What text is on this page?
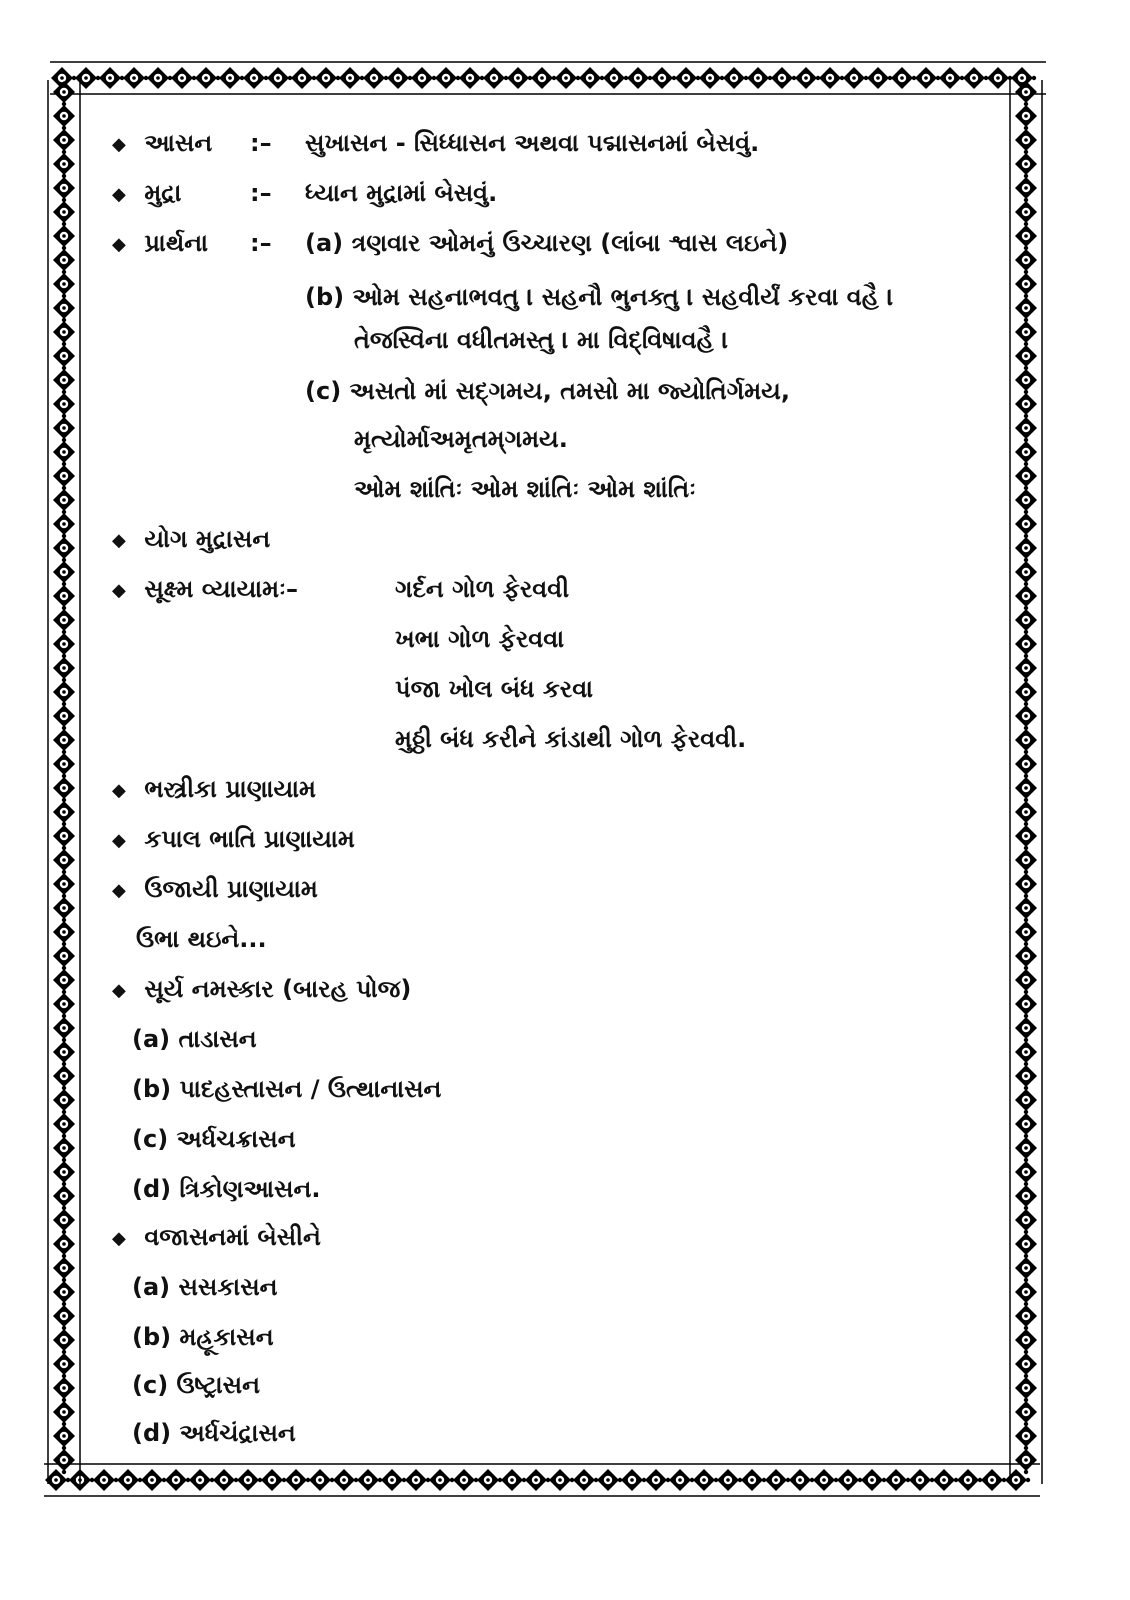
◆ આસન :– સુખાસન - સિધ્ધાસન અથવા પદ્માસનમાં બેસવું.
◆ મુદ્રા	:– ધ્યાન મુદ્રામાં બેસવું.
◆ પ્રાર્થના :– (a) ત્રણવાર ઓમનું ઉચ્ચારણ (લાંબા શ્વાસ લઇને)
(b) ઓમ સહનાભવતુ । સહનૌ ભુનક્તુ । સહવીર્યં કરવા વહૈ ।
તેજસ્વિના વધીતમસ્તુ । મા વિદ્‌વિષાવહૈ ।
(c) અસતો માં સદ્‌ગમય, તમસો મા જ્યોતિર્ગમય,
મૃત્યોર્માઅમૃતમ્‌ગમય.
ઓમ શાંતિઃ ઓમ શાંતિઃ ઓમ શાંતિઃ
◆ યોગ મુદ્રાસન
◆ સૂક્ષ્મ વ્યાયામઃ–	ગર્દન ગોળ ફેરવવી
ખભા ગોળ ફેરવવા
પંજા ખોલ બંધ કરવા
મુઠ્ઠી બંધ કરીને કાંડાથી ગોળ ફેરવવી.
◆ ભસ્ત્રીકા પ્રાણાયામ
◆ કપાલ ભાતિ પ્રાણાયામ
◆ ઉજાયી પ્રાણાયામ
ઉભા થઇને...
◆ સૂર્ય નમસ્કાર (બારહ પોજ)
(a) તાડાસન
(b) પાદહસ્તાસન / ઉત્થાનાસન
(c) અર્ધચક્રાસન
(d) ત્રિકોણઆસન.
◆ વજાસનમાં બેસીને
(a) સસકાસન
(b) મહ્રૂકાસન
(c) ઉષ્ટ્રાસન
(d) અર્ધચંદ્રાસન
